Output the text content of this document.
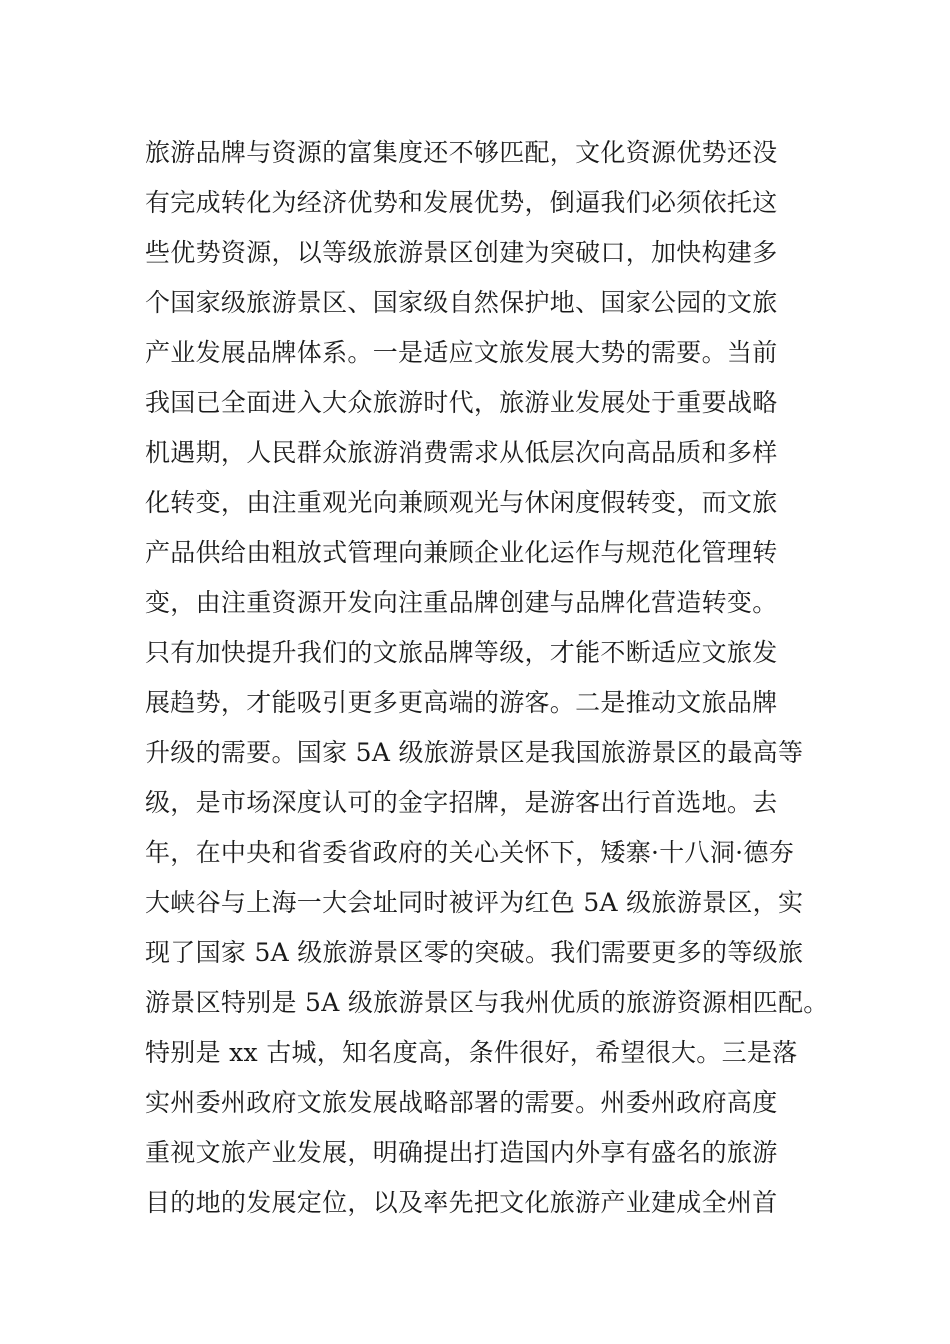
旅游品牌与资源的富集度还不够匹配，文化资源优势还没
有完成转化为经济优势和发展优势，倒逼我们必须依托这
些优势资源，以等级旅游景区创建为突破口，加快构建多
个国家级旅游景区、国家级自然保护地、国家公园的文旅
产业发展品牌体系。一是适应文旅发展大势的需要。当前
我国已全面进入大众旅游时代，旅游业发展处于重要战略
机遇期，人民群众旅游消费需求从低层次向高品质和多样
化转变，由注重观光向兼顾观光与休闲度假转变，而文旅
产品供给由粗放式管理向兼顾企业化运作与规范化管理转
变，由注重资源开发向注重品牌创建与品牌化营造转变。
只有加快提升我们的文旅品牌等级，才能不断适应文旅发
展趋势，才能吸引更多更高端的游客。二是推动文旅品牌
升级的需要。国家 5A 级旅游景区是我国旅游景区的最高等
级，是市场深度认可的金字招牌，是游客出行首选地。去
年，在中央和省委省政府的关心关怀下，矮寨·十八洞·德夯
大峡谷与上海一大会址同时被评为红色 5A 级旅游景区，实
现了国家 5A 级旅游景区零的突破。我们需要更多的等级旅
游景区特别是 5A 级旅游景区与我州优质的旅游资源相匹配。
特别是 xx 古城，知名度高，条件很好，希望很大。三是落
实州委州政府文旅发展战略部署的需要。州委州政府高度
重视文旅产业发展，明确提出打造国内外享有盛名的旅游
目的地的发展定位，以及率先把文化旅游产业建成全州首
